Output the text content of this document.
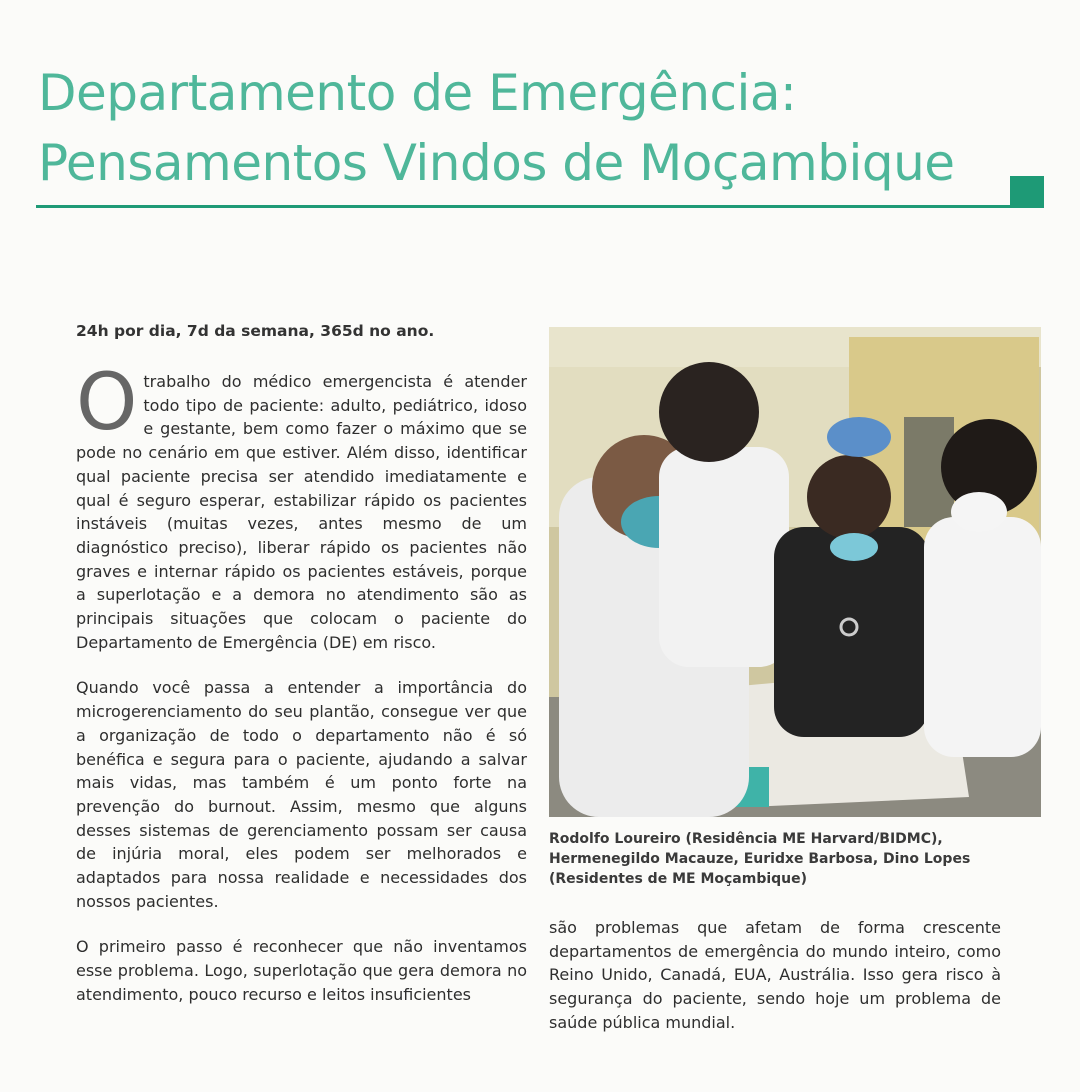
Departamento de Emergência:
Pensamentos Vindos de Moçambique

24h por dia, 7d da semana, 365d no ano.

O trabalho do médico emergencista é atender todo tipo de paciente: adulto, pediátrico, idoso e gestante, bem como fazer o máximo que se pode no cenário em que estiver. Além disso, identificar qual paciente precisa ser atendido imediatamente e qual é seguro esperar, estabilizar rápido os pacientes instáveis (muitas vezes, antes mesmo de um diagnóstico preciso), liberar rápido os pacientes não graves e internar rápido os pacientes estáveis, porque a superlotação e a demora no atendimento são as principais situações que colocam o paciente do Departamento de Emergência (DE) em risco.

Quando você passa a entender a importância do microgerenciamento do seu plantão, consegue ver que a organização de todo o departamento não é só benéfica e segura para o paciente, ajudando a salvar mais vidas, mas também é um ponto forte na prevenção do burnout. Assim, mesmo que alguns desses sistemas de gerenciamento possam ser causa de injúria moral, eles podem ser melhorados e adaptados para nossa realidade e necessidades dos nossos pacientes.

O primeiro passo é reconhecer que não inventamos esse problema. Logo, superlotação que gera demora no atendimento, pouco recurso e leitos insuficientes

Rodolfo Loureiro (Residência ME Harvard/BIDMC),
Hermenegildo Macauze, Euridxe Barbosa, Dino Lopes
(Residentes de ME Moçambique)

são problemas que afetam de forma crescente departamentos de emergência do mundo inteiro, como Reino Unido, Canadá, EUA, Austrália. Isso gera risco à segurança do paciente, sendo hoje um problema de saúde pública mundial.
